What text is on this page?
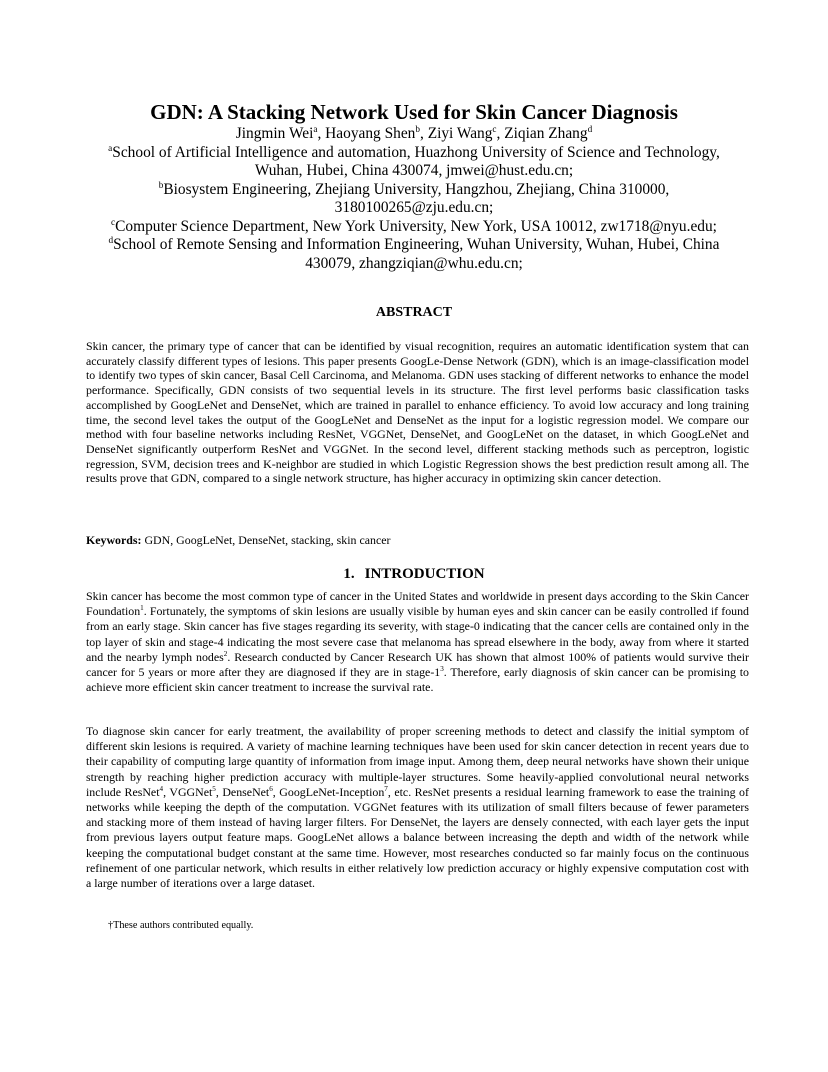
GDN: A Stacking Network Used for Skin Cancer Diagnosis
Jingmin Wei$^a$, Haoyang Shen$^b$, Ziyi Wang$^c$, Ziqian Zhang$^d$
$^a$School of Artificial Intelligence and automation, Huazhong University of Science and Technology,
Wuhan, Hubei, China 430074, jmwei@hust.edu.cn;
$^b$Biosystem Engineering, Zhejiang University, Hangzhou, Zhejiang, China 310000,
3180100265@zju.edu.cn;
$^c$Computer Science Department, New York University, New York, USA 10012, zw1718@nyu.edu;
$^d$School of Remote Sensing and Information Engineering, Wuhan University, Wuhan, Hubei, China
430079, zhangziqian@whu.edu.cn;
ABSTRACT
Skin cancer, the primary type of cancer that can be identified by visual recognition, requires an automatic identification system that can accurately classify different types of lesions. This paper presents GoogLe-Dense Network (GDN), which is an image-classification model to identify two types of skin cancer, Basal Cell Carcinoma, and Melanoma. GDN uses stacking of different networks to enhance the model performance. Specifically, GDN consists of two sequential levels in its structure. The first level performs basic classification tasks accomplished by GoogLeNet and DenseNet, which are trained in parallel to enhance efficiency. To avoid low accuracy and long training time, the second level takes the output of the GoogLeNet and DenseNet as the input for a logistic regression model. We compare our method with four baseline networks including ResNet, VGGNet, DenseNet, and GoogLeNet on the dataset, in which GoogLeNet and DenseNet significantly outperform ResNet and VGGNet. In the second level, different stacking methods such as perceptron, logistic regression, SVM, decision trees and K-neighbor are studied in which Logistic Regression shows the best prediction result among all. The results prove that GDN, compared to a single network structure, has higher accuracy in optimizing skin cancer detection.
Keywords: GDN, GoogLeNet, DenseNet, stacking, skin cancer
1. INTRODUCTION
Skin cancer has become the most common type of cancer in the United States and worldwide in present days according to the Skin Cancer Foundation$^1$. Fortunately, the symptoms of skin lesions are usually visible by human eyes and skin cancer can be easily controlled if found from an early stage. Skin cancer has five stages regarding its severity, with stage-0 indicating that the cancer cells are contained only in the top layer of skin and stage-4 indicating the most severe case that melanoma has spread elsewhere in the body, away from where it started and the nearby lymph nodes$^2$. Research conducted by Cancer Research UK has shown that almost 100% of patients would survive their cancer for 5 years or more after they are diagnosed if they are in stage-$1^3$. Therefore, early diagnosis of skin cancer can be promising to achieve more efficient skin cancer treatment to increase the survival rate.
To diagnose skin cancer for early treatment, the availability of proper screening methods to detect and classify the initial symptom of different skin lesions is required. A variety of machine learning techniques have been used for skin cancer detection in recent years due to their capability of computing large quantity of information from image input. Among them, deep neural networks have shown their unique strength by reaching higher prediction accuracy with multiple-layer structures. Some heavily-applied convolutional neural networks include ResNet$^4$, VGGNet$^5$, DenseNet$^6$, GoogLeNet-Inception$^7$, etc. ResNet presents a residual learning framework to ease the training of networks while keeping the depth of the computation. VGGNet features with its utilization of small filters because of fewer parameters and stacking more of them instead of having larger filters. For DenseNet, the layers are densely connected, with each layer gets the input from previous layers output feature maps. GoogLeNet allows a balance between increasing the depth and width of the network while keeping the computational budget constant at the same time. However, most researches conducted so far mainly focus on the continuous refinement of one particular network, which results in either relatively low prediction accuracy or highly expensive computation cost with a large number of iterations over a large dataset.
†These authors contributed equally.
